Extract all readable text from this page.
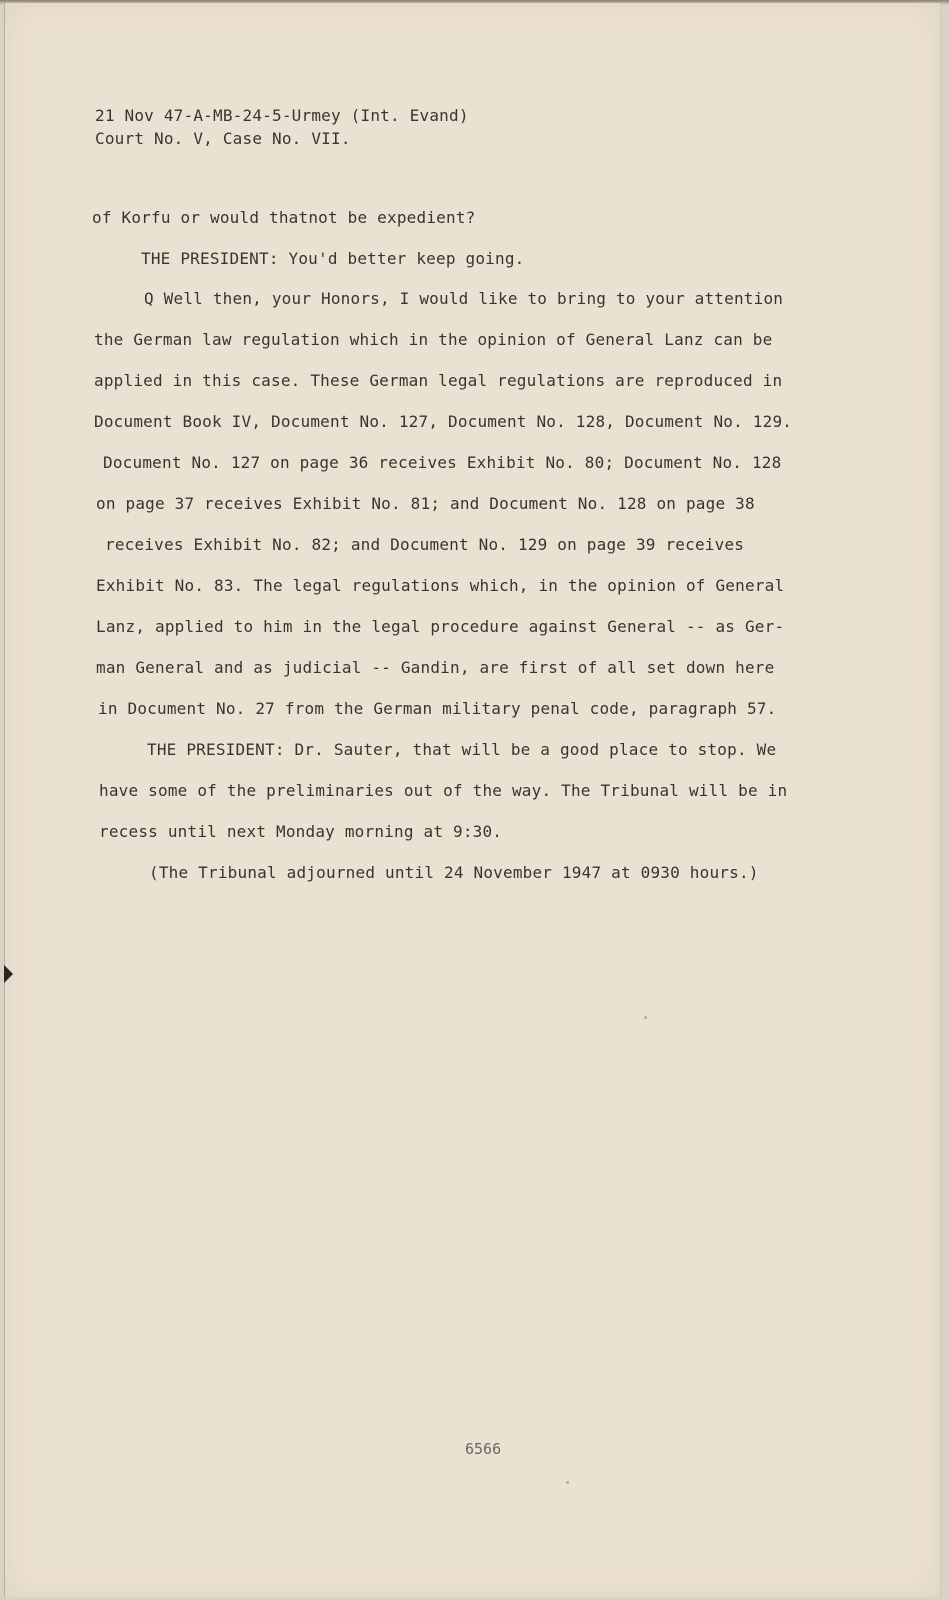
21 Nov 47-A-MB-24-5-Urmey (Int. Evand)
Court No. V, Case No. VII.
of Korfu or would thatnot be expedient?
THE PRESIDENT: You'd better keep going.
Q Well then, your Honors, I would like to bring to your attention
the German law regulation which in the opinion of General Lanz can be
applied in this case. These German legal regulations are reproduced in
Document Book IV, Document No. 127, Document No. 128, Document No. 129.
Document No. 127 on page 36 receives Exhibit No. 80; Document No. 128
on page 37 receives Exhibit No. 81; and Document No. 128 on page 38
receives Exhibit No. 82; and Document No. 129 on page 39 receives
Exhibit No. 83. The legal regulations which, in the opinion of General
Lanz, applied to him in the legal procedure against General -- as Ger-
man General and as judicial -- Gandin, are first of all set down here
in Document No. 27 from the German military penal code, paragraph 57.
THE PRESIDENT: Dr. Sauter, that will be a good place to stop. We
have some of the preliminaries out of the way. The Tribunal will be in
recess until next Monday morning at 9:30.
(The Tribunal adjourned until 24 November 1947 at 0930 hours.)
6566
